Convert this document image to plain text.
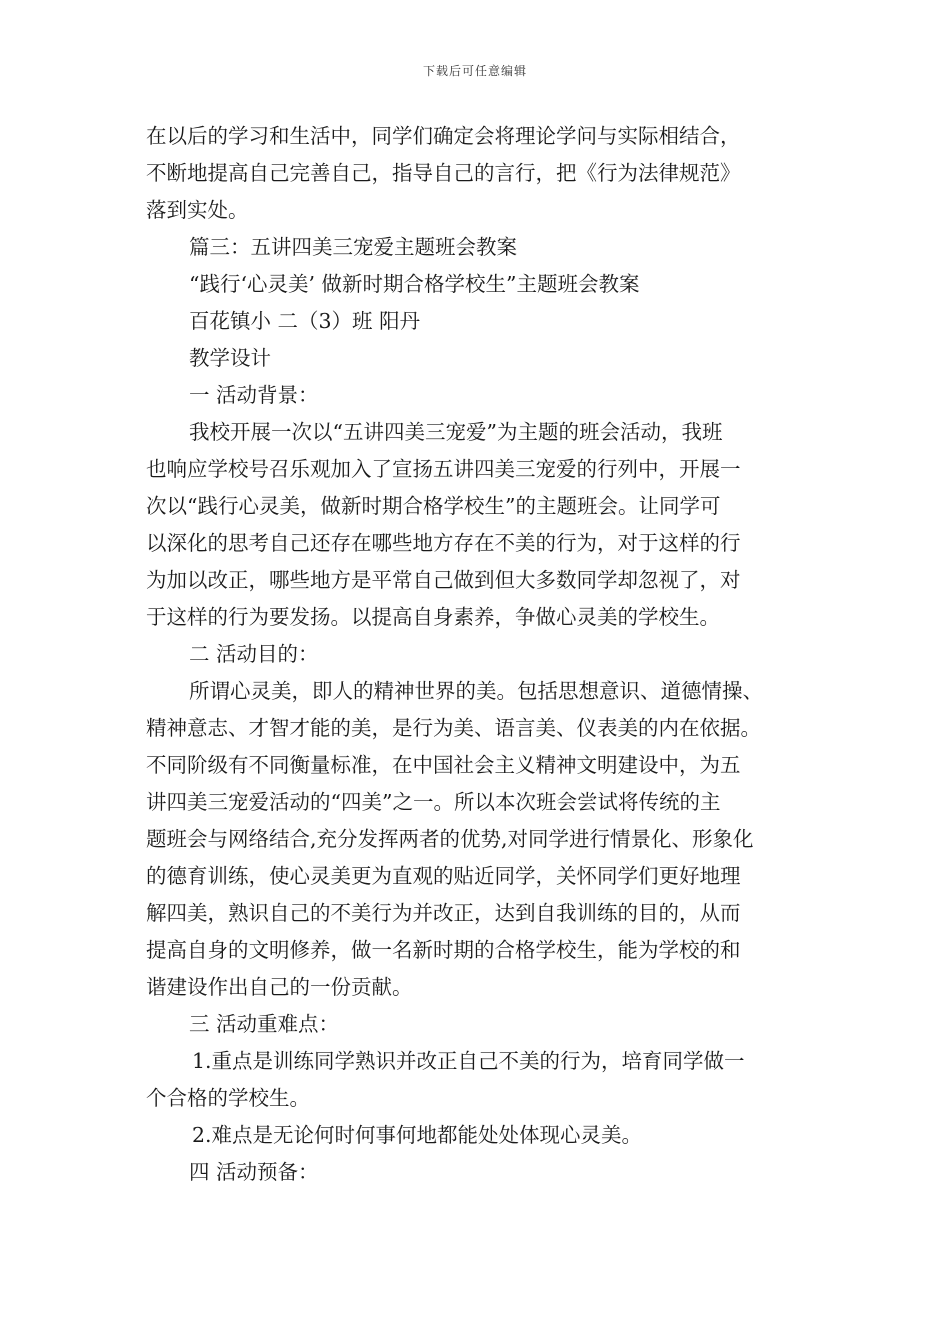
下载后可任意编辑
在以后的学习和生活中，同学们确定会将理论学问与实际相结合，
不断地提高自己完善自己，指导自己的言行，把《行为法律规范》
落到实处。
篇三：五讲四美三宠爱主题班会教案
“践行‘心灵美’ 做新时期合格学校生”主题班会教案
百花镇小 二（3）班 阳丹
教学设计
一 活动背景：
我校开展一次以“五讲四美三宠爱”为主题的班会活动，我班
也响应学校号召乐观加入了宣扬五讲四美三宠爱的行列中，开展一
次以“践行心灵美，做新时期合格学校生”的主题班会。让同学可
以深化的思考自己还存在哪些地方存在不美的行为，对于这样的行
为加以改正，哪些地方是平常自己做到但大多数同学却忽视了，对
于这样的行为要发扬。以提高自身素养，争做心灵美的学校生。
二 活动目的：
所谓心灵美，即人的精神世界的美。包括思想意识、道德情操、
精神意志、才智才能的美，是行为美、语言美、仪表美的内在依据。
不同阶级有不同衡量标准，在中国社会主义精神文明建设中，为五
讲四美三宠爱活动的“四美”之一。所以本次班会尝试将传统的主
题班会与网络结合,充分发挥两者的优势,对同学进行情景化、形象化
的德育训练，使心灵美更为直观的贴近同学，关怀同学们更好地理
解四美，熟识自己的不美行为并改正，达到自我训练的目的，从而
提高自身的文明修养，做一名新时期的合格学校生，能为学校的和
谐建设作出自己的一份贡献。
三 活动重难点：
1.重点是训练同学熟识并改正自己不美的行为，培育同学做一
个合格的学校生。
2.难点是无论何时何事何地都能处处体现心灵美。
四 活动预备：
